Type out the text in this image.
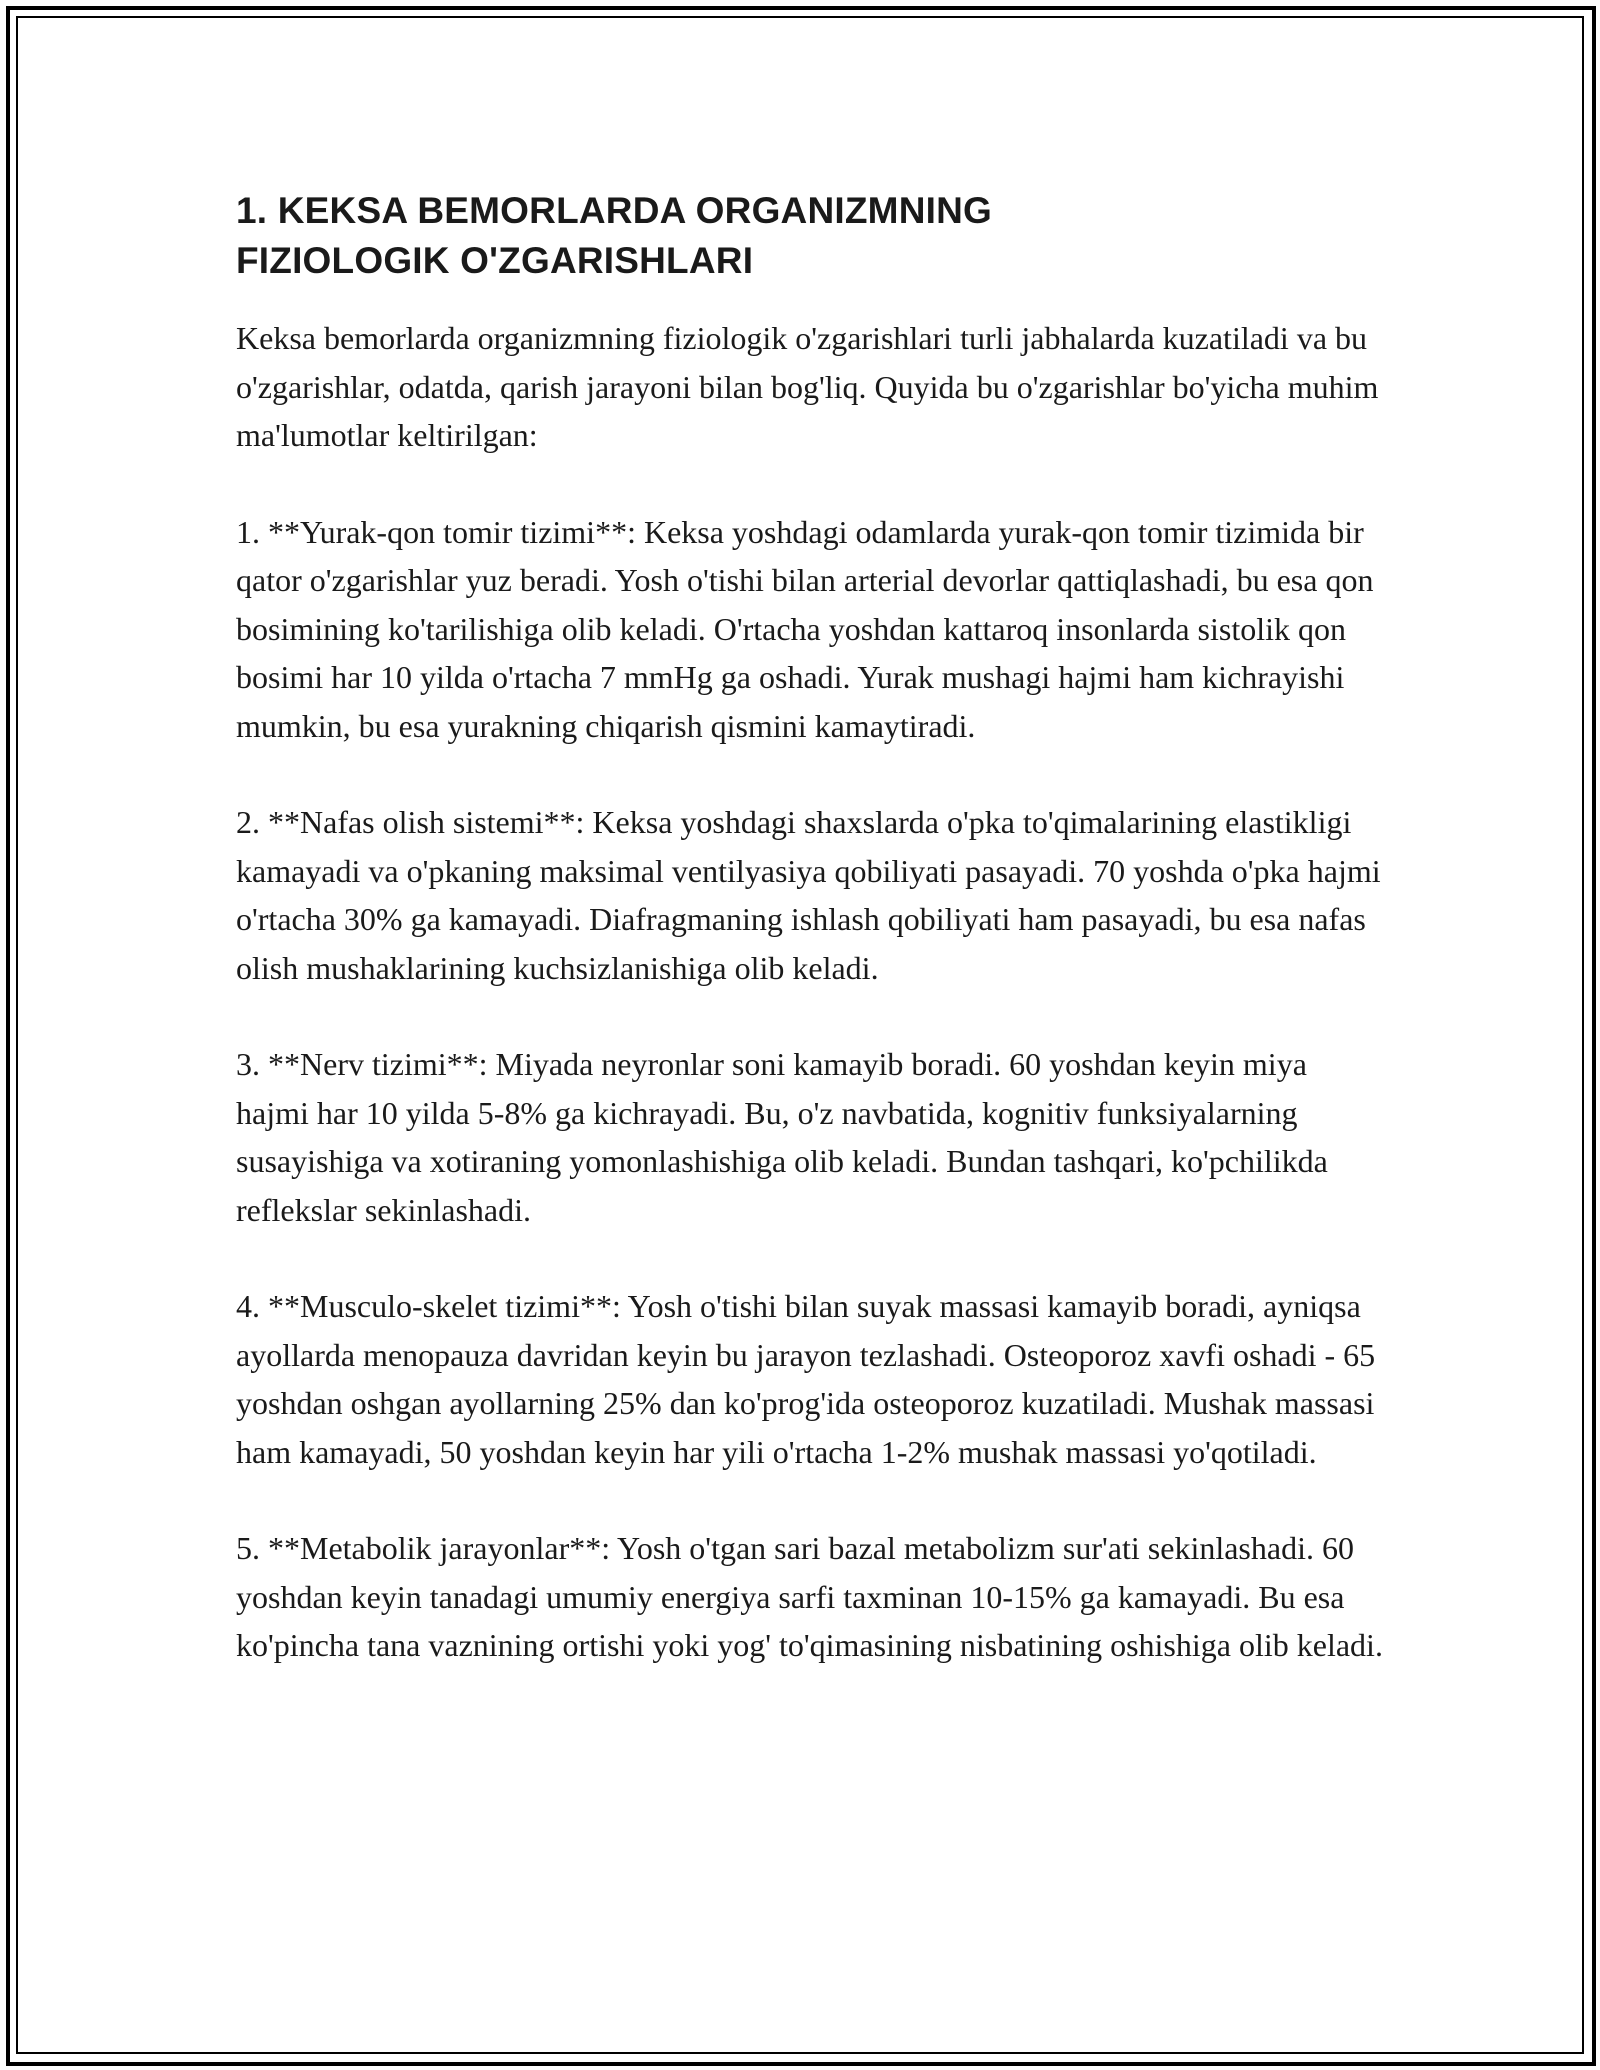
1. KEKSA BEMORLARDA ORGANIZMNING
FIZIOLOGIK O'ZGARISHLARI

Keksa bemorlarda organizmning fiziologik o'zgarishlari turli jabhalarda kuzatiladi va bu o'zgarishlar, odatda, qarish jarayoni bilan bog'liq. Quyida bu o'zgarishlar bo'yicha muhim ma'lumotlar keltirilgan:

1. **Yurak-qon tomir tizimi**: Keksa yoshdagi odamlarda yurak-qon tomir tizimida bir qator o'zgarishlar yuz beradi. Yosh o'tishi bilan arterial devorlar qattiqlashadi, bu esa qon bosimining ko'tarilishiga olib keladi. O'rtacha yoshdan kattaroq insonlarda sistolik qon bosimi har 10 yilda o'rtacha 7 mmHg ga oshadi. Yurak mushagi hajmi ham kichrayishi mumkin, bu esa yurakning chiqarish qismini kamaytiradi.

2. **Nafas olish sistemi**: Keksa yoshdagi shaxslarda o'pka to'qimalarining elastikligi kamayadi va o'pkaning maksimal ventilyasiya qobiliyati pasayadi. 70 yoshda o'pka hajmi o'rtacha 30% ga kamayadi. Diafragmaning ishlash qobiliyati ham pasayadi, bu esa nafas olish mushaklarining kuchsizlanishiga olib keladi.

3. **Nerv tizimi**: Miyada neyronlar soni kamayib boradi. 60 yoshdan keyin miya hajmi har 10 yilda 5-8% ga kichrayadi. Bu, o'z navbatida, kognitiv funksiyalarning susayishiga va xotiraning yomonlashishiga olib keladi. Bundan tashqari, ko'pchilikda reflekslar sekinlashadi.

4. **Musculo-skelet tizimi**: Yosh o'tishi bilan suyak massasi kamayib boradi, ayniqsa ayollarda menopauza davridan keyin bu jarayon tezlashadi. Osteoporoz xavfi oshadi - 65 yoshdan oshgan ayollarning 25% dan ko'prog'ida osteoporoz kuzatiladi. Mushak massasi ham kamayadi, 50 yoshdan keyin har yili o'rtacha 1-2% mushak massasi yo'qotiladi.

5. **Metabolik jarayonlar**: Yosh o'tgan sari bazal metabolizm sur'ati sekinlashadi. 60 yoshdan keyin tanadagi umumiy energiya sarfi taxminan 10-15% ga kamayadi. Bu esa ko'pincha tana vaznining ortishi yoki yog' to'qimasining nisbatining oshishiga olib keladi.
